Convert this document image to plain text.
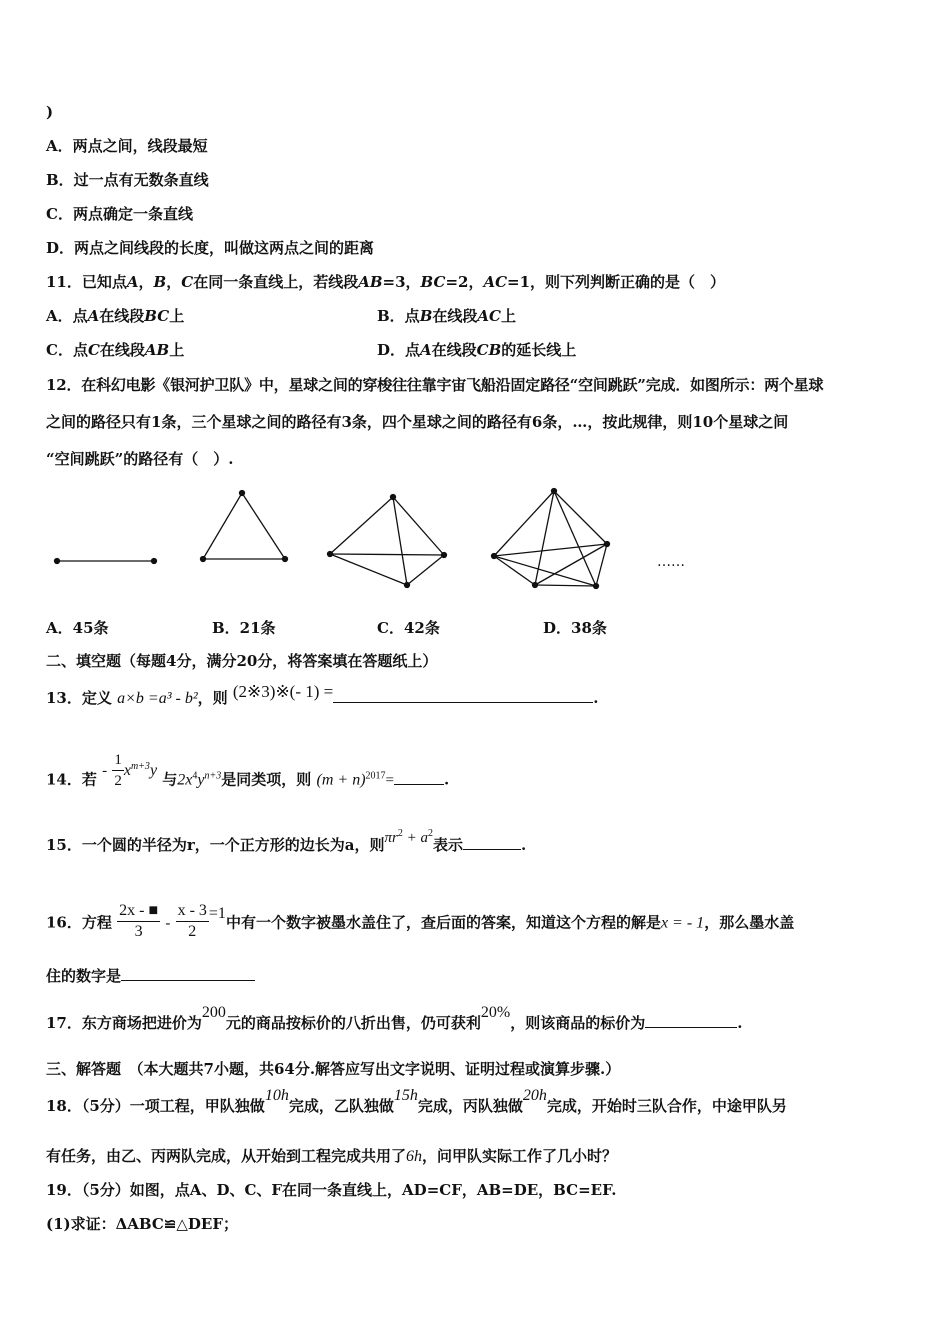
)
A．两点之间，线段最短
B．过一点有无数条直线
C．两点确定一条直线
D．两点之间线段的长度，叫做这两点之间的距离
11．已知点A，B，C在同一条直线上，若线段AB=3，BC=2，AC=1，则下列判断正确的是（　）
A．点A在线段BC上	B．点B在线段AC上
C．点C在线段AB上	D．点A在线段CB的延长线上
12．在科幻电影《银河护卫队》中，星球之间的穿梭往往靠宇宙飞船沿固定路径“空间跳跃”完成．如图所示：两个星球
之间的路径只有1条，三个星球之间的路径有3条，四个星球之间的路径有6条，…，按此规律，则10个星球之间
“空间跳跃”的路径有（　）.
……
A．45条	B．21条	C．42条	D．38条
二、填空题（每题4分，满分20分，将答案填在答题纸上）
13．定义 a×b =a³ - b²，则 (2※3)※(- 1) =	.
14．若 - $\frac{1}{2} x^{m+3}y$ 与$2x^4y^{n+3}$是同类项，则 $(m + n)^{2017}=$	.
15．一个圆的半径为r，一个正方形的边长为a，则$\pi r^2 + a^2$表示	.
16．方程 $\frac{2x - ■}{3} - \frac{x - 3}{2} =1$中有一个数字被墨水盖住了，查后面的答案，知道这个方程的解是x = - 1，那么墨水盖
住的数字是
17．东方商场把进价为200元的商品按标价的八折出售，仍可获利20%，则该商品的标价为	.
三、解答题　（本大题共7小题，共64分.解答应写出文字说明、证明过程或演算步骤.）
18．（5分）一项工程，甲队独做10h完成，乙队独做15h完成，丙队独做20h完成，开始时三队合作，中途甲队另
有任务，由乙、丙两队完成，从开始到工程完成共用了6h，问甲队实际工作了几小时？
19．（5分）如图，点A、D、C、F在同一条直线上，AD=CF，AB=DE，BC=EF.
(1)求证：ΔABC≌△DEF；
